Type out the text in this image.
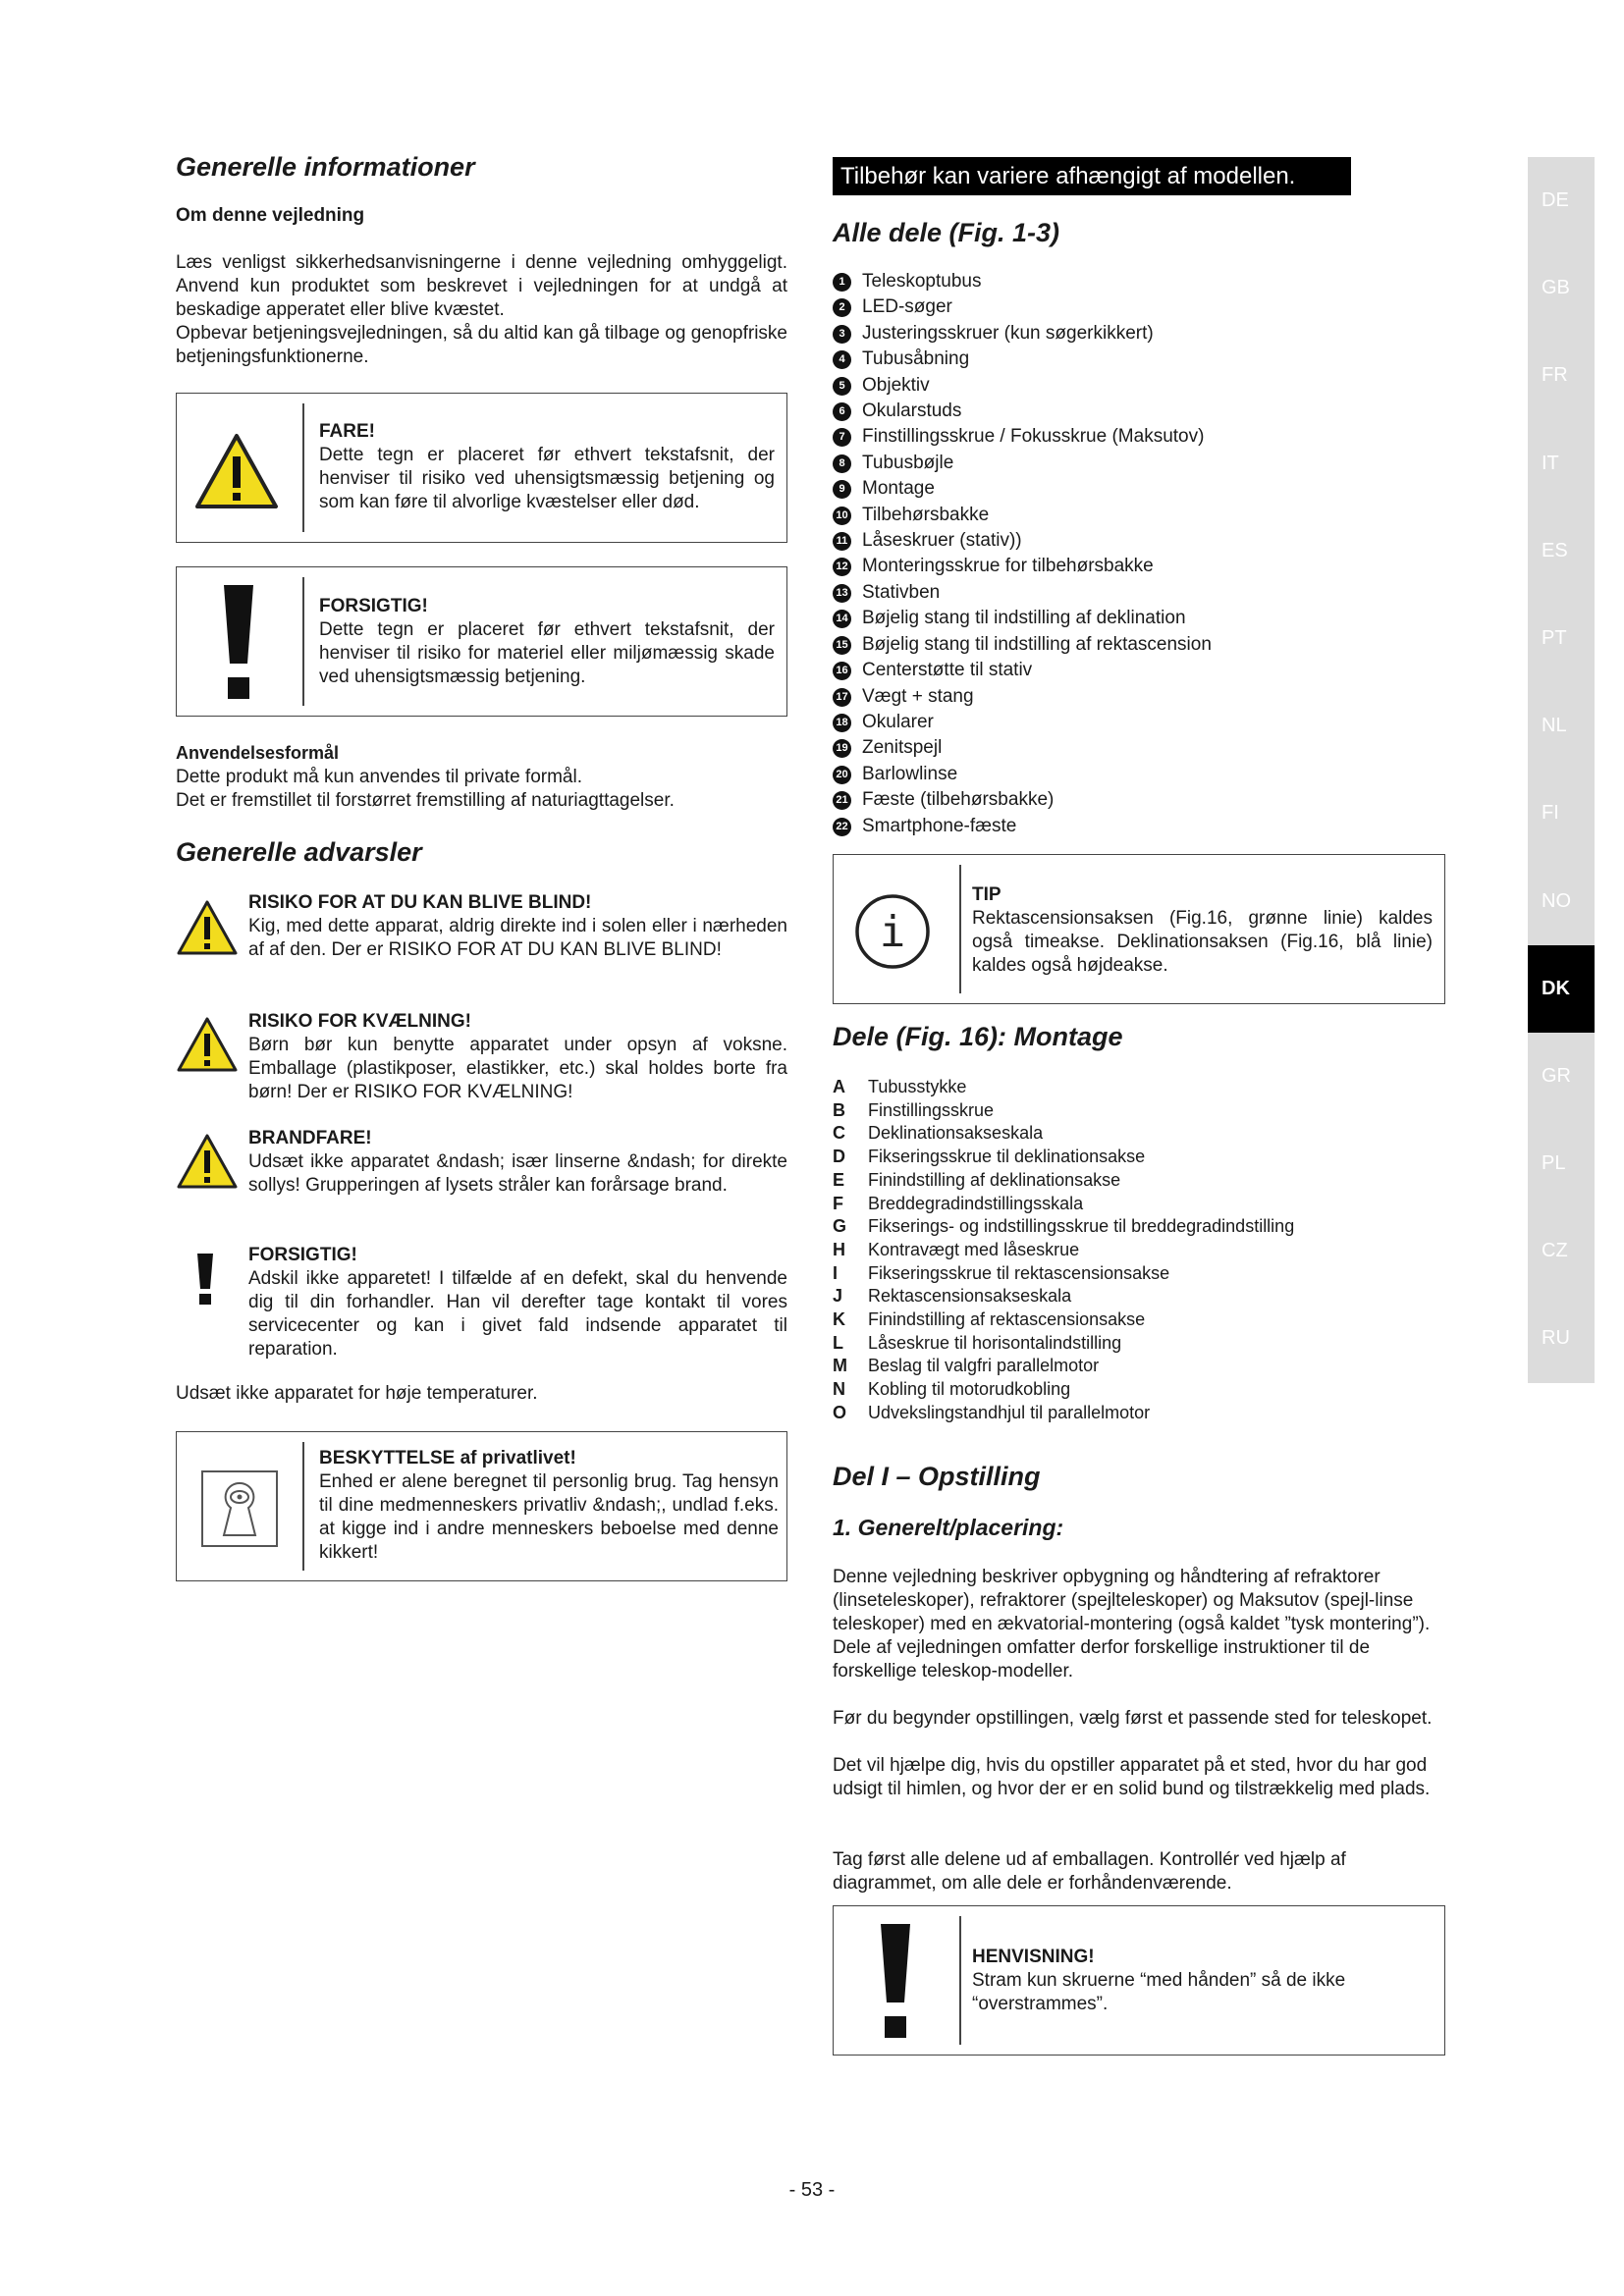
Generelle informationer
Om denne vejledning

Læs venligst sikkerhedsanvisningerne i denne vejledning omhyggeligt. Anvend kun produktet som beskrevet i vejledningen for at undgå at beskadige apperatet eller blive kvæstet.

Opbevar betjeningsvejledningen, så du altid kan gå tilbage og genopfriske betjeningsfunktionerne.

FARE!
Dette tegn er placeret før ethvert tekstafsnit, der henviser til risiko ved uhensigtsmæssig betjening og som kan føre til alvorlige kvæstelser eller død.
FORSIGTIG!
Dette tegn er placeret før ethvert tekstafsnit, der henviser til risiko for materiel eller miljømæssig skade ved uhensigtsmæssig betjening.
Anvendelsesformål

Dette produkt må kun anvendes til private formål.

Det er fremstillet til forstørret fremstilling af naturiagttagelser.

Generelle advarsler
RISIKO FOR AT DU KAN BLIVE BLIND!
Kig, med dette apparat, aldrig direkte ind i solen eller i nærheden af af den. Der er RISIKO FOR AT DU KAN BLIVE BLIND!
RISIKO FOR KVÆLNING!
Børn bør kun benytte apparatet under opsyn af voksne. Emballage (plastikposer, elastikker, etc.) skal holdes borte fra børn! Der er RISIKO FOR KVÆLNING!
BRANDFARE!
Udsæt ikke apparatet &ndash; især linserne &ndash; for direkte sollys! Grupperingen af lysets stråler kan forårsage brand.
FORSIGTIG!
Adskil ikke apparetet! I tilfælde af en defekt, skal du henvende dig til din forhandler. Han vil derefter tage kontakt til vores servicecenter og kan i givet fald indsende apparatet til reparation.

Udsæt ikke apparatet for høje temperaturer.

BESKYTTELSE af privatlivet!
Enhed er alene beregnet til personlig brug. Tag hensyn til dine medmenneskers privatliv &ndash;, undlad f.eks. at kigge ind i andre menneskers beboelse med denne kikkert!
Tilbehør kan variere afhængigt af modellen.
Alle dele (Fig. 1-3)
1 Teleskoptubus
2 LED-søger
3 Justeringsskruer (kun søgerkikkert)
4 Tubusåbning
5 Objektiv
6 Okularstuds
7 Finstillingsskrue / Fokusskrue (Maksutov)
8 Tubusbøjle
9 Montage
10 Tilbehørsbakke
11 Låseskruer (stativ))
12 Monteringsskrue for tilbehørsbakke
13 Stativben
14 Bøjelig stang til indstilling af deklination
15 Bøjelig stang til indstilling af rektascension
16 Centerstøtte til stativ
17 Vægt + stang
18 Okularer
19 Zenitspejl
20 Barlowlinse
21 Fæste (tilbehørsbakke)
22 Smartphone-fæste
i
TIP
Rektascensionsaksen (Fig.16, grønne linie) kaldes også timeakse. Deklinationsaksen (Fig.16, blå linie) kaldes også højdeakse.
Dele (Fig. 16): Montage
A Tubusstykke
B Finstillingsskrue
C Deklinationsakseskala
D Fikseringsskrue til deklinationsakse
E Finindstilling af deklinationsakse
F Breddegradindstillingsskala
G Fikserings- og indstillingsskrue til breddegradindstilling
H Kontravægt med låseskrue
I Fikseringsskrue til rektascensionsakse
J Rektascensionsakseskala
K Finindstilling af rektascensionsakse
L Låseskrue til horisontalindstilling
M Beslag til valgfri parallelmotor
N Kobling til motorudkobling
O Udvekslingstandhjul til parallelmotor
Del I – Opstilling
1. Generelt/placering:

Denne vejledning beskriver opbygning og håndtering af refraktorer (linseteleskoper), refraktorer (spejlteleskoper) og Maksutov (spejl-linse teleskoper) med en ækvatorial-montering (også kaldet ”tysk montering”). Dele af vejledningen omfatter derfor forskellige instruktioner til de forskellige teleskop-modeller.

Før du begynder opstillingen, vælg først et passende sted for teleskopet.

Det vil hjælpe dig, hvis du opstiller apparatet på et sted, hvor du har god udsigt til himlen, og hvor der er en solid bund og tilstrækkelig med plads.

Tag først alle delene ud af emballagen. Kontrollér ved hjælp af diagrammet, om alle dele er forhåndenværende.

HENVISNING!
Stram kun skruerne “med hånden” så de ikke “overstrammes”.
DE
GB
FR
IT
ES
PT
NL
FI
NO
DK
GR
PL
CZ
RU
- 53 -
